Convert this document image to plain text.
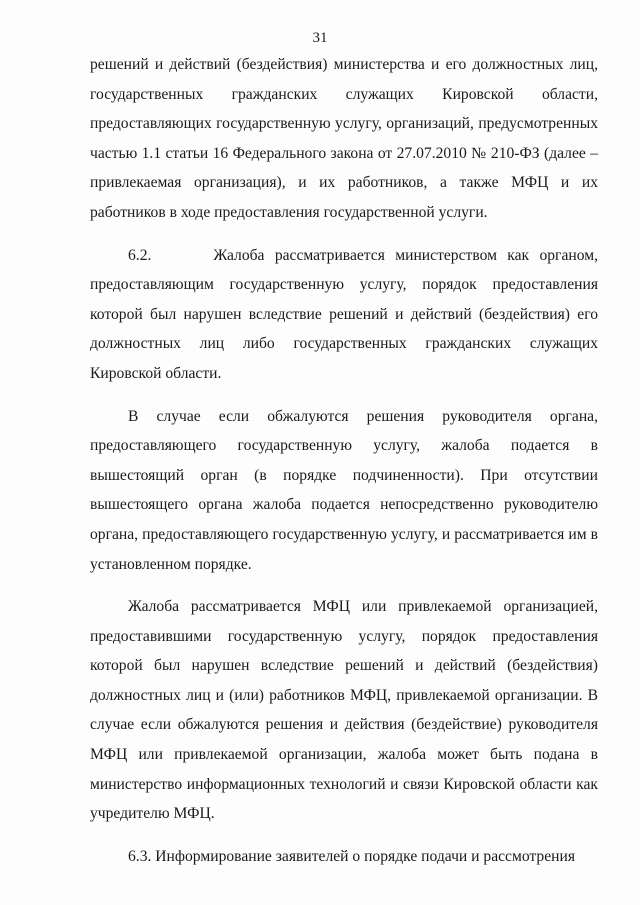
31

решений и действий (бездействия) министерства и его должностных лиц, государственных гражданских служащих Кировской области, предоставляющих государственную услугу, организаций, предусмотренных частью 1.1 статьи 16 Федерального закона от 27.07.2010 № 210-ФЗ (далее – привлекаемая организация), и их работников, а также МФЦ и их работников в ходе предоставления государственной услуги.

6.2.      Жалоба рассматривается министерством как органом, предоставляющим государственную услугу, порядок предоставления которой был нарушен вследствие решений и действий (бездействия) его должностных лиц либо государственных гражданских служащих Кировской области.

В случае если обжалуются решения руководителя органа, предоставляющего государственную услугу, жалоба подается в вышестоящий орган (в порядке подчиненности). При отсутствии вышестоящего органа жалоба подается непосредственно руководителю органа, предоставляющего государственную услугу, и рассматривается им в установленном порядке.

Жалоба рассматривается МФЦ или привлекаемой организацией, предоставившими государственную услугу, порядок предоставления которой был нарушен вследствие решений и действий (бездействия) должностных лиц и (или) работников МФЦ, привлекаемой организации. В случае если обжалуются решения и действия (бездействие) руководителя МФЦ или привлекаемой организации, жалоба может быть подана в министерство информационных технологий и связи Кировской области как учредителю МФЦ.

6.3. Информирование заявителей о порядке подачи и рассмотрения
